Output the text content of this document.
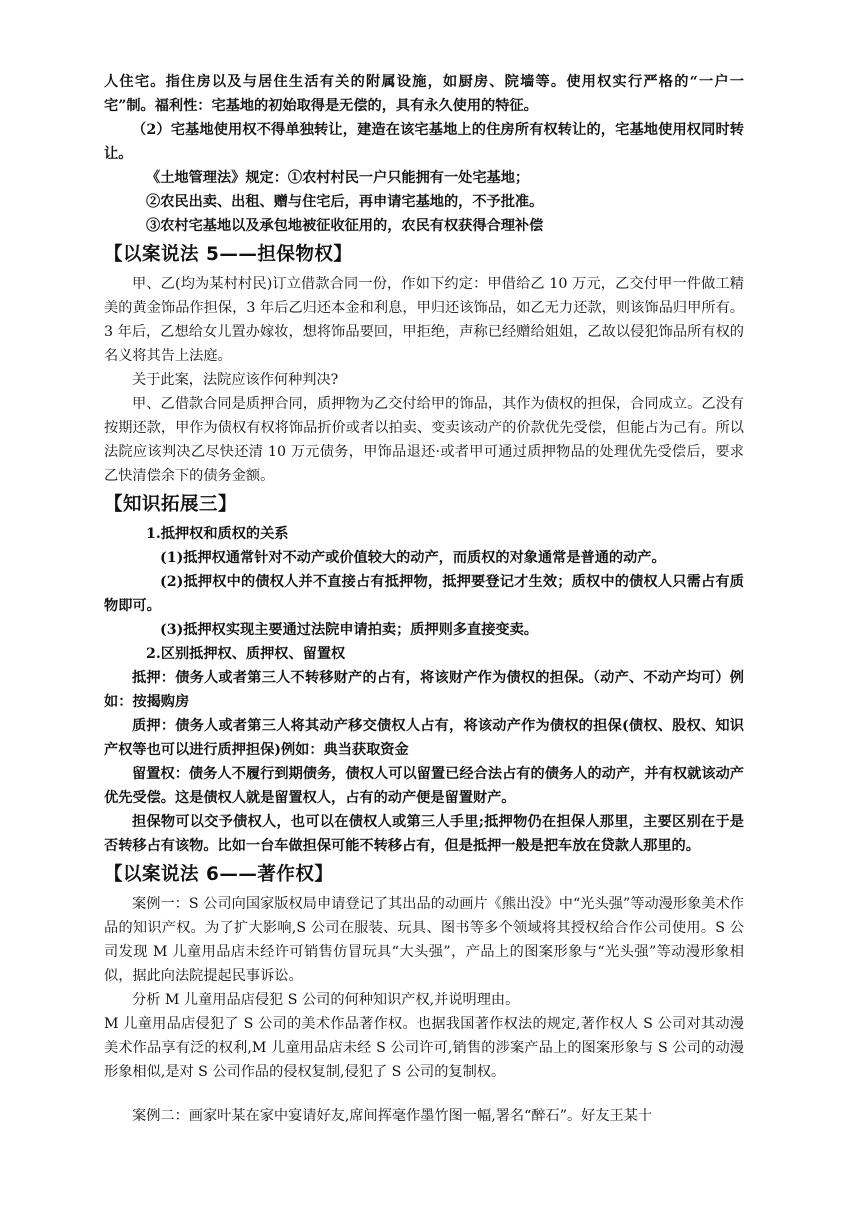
人住宅。指住房以及与居住生活有关的附属设施，如厨房、院墙等。使用权实行严格的“一户一宅”制。福利性：宅基地的初始取得是无偿的，具有永久使用的特征。

（2）宅基地使用权不得单独转让，建造在该宅基地上的住房所有权转让的，宅基地使用权同时转让。

《土地管理法》规定：①农村村民一户只能拥有一处宅基地；

②农民出卖、出租、赠与住宅后，再申请宅基地的，不予批准。

③农村宅基地以及承包地被征收征用的，农民有权获得合理补偿

【以案说法 5——担保物权】

甲、乙(均为某村村民)订立借款合同一份，作如下约定：甲借给乙 10 万元，乙交付甲一件做工精美的黄金饰品作担保，3 年后乙归还本金和利息，甲归还该饰品，如乙无力还款，则该饰品归甲所有。3 年后，乙想给女儿置办嫁妆，想将饰品要回，甲拒绝，声称已经赠给姐姐，乙故以侵犯饰品所有权的名义将其告上法庭。

关于此案，法院应该作何种判决?

甲、乙借款合同是质押合同，质押物为乙交付给甲的饰品，其作为债权的担保，合同成立。乙没有按期还款，甲作为债权有权将饰品折价或者以拍卖、变卖该动产的价款优先受偿，但能占为己有。所以法院应该判决乙尽快还清 10 万元债务，甲饰品退还·或者甲可通过质押物品的处理优先受偿后，要求乙快清偿余下的债务金额。

【知识拓展三】

1.抵押权和质权的关系

(1)抵押权通常针对不动产或价值较大的动产，而质权的对象通常是普通的动产。

(2)抵押权中的债权人并不直接占有抵押物，抵押要登记才生效；质权中的债权人只需占有质物即可。

(3)抵押权实现主要通过法院申请拍卖；质押则多直接变卖。

2.区别抵押权、质押权、留置权

抵押：债务人或者第三人不转移财产的占有，将该财产作为债权的担保。（动产、不动产均可）例如：按揭购房

质押：债务人或者第三人将其动产移交债权人占有，将该动产作为债权的担保(债权、股权、知识产权等也可以进行质押担保)例如：典当获取资金

留置权：债务人不履行到期债务，债权人可以留置已经合法占有的债务人的动产，并有权就该动产优先受偿。这是债权人就是留置权人，占有的动产便是留置财产。

担保物可以交予债权人，也可以在债权人或第三人手里;抵押物仍在担保人那里，主要区别在于是否转移占有该物。比如一台车做担保可能不转移占有，但是抵押一般是把车放在贷款人那里的。

【以案说法 6——著作权】

案例一：S 公司向国家版权局申请登记了其出品的动画片《熊出没》中“光头强”等动漫形象美术作品的知识产权。为了扩大影响,S 公司在服装、玩具、图书等多个领域将其授权给合作公司使用。S 公司发现 M 儿童用品店未经许可销售仿冒玩具“大头强”，产品上的图案形象与“光头强”等动漫形象相似，据此向法院提起民事诉讼。

分析 M 儿童用品店侵犯 S 公司的何种知识产权,并说明理由。

M 儿童用品店侵犯了 S 公司的美术作品著作权。也据我国著作权法的规定,著作权人 S 公司对其动漫美术作品享有泛的权利,M 儿童用品店未经 S 公司许可,销售的涉案产品上的图案形象与 S 公司的动漫形象相似,是对 S 公司作品的侵权复制,侵犯了 S 公司的复制权。

案例二：画家叶某在家中宴请好友,席间挥毫作墨竹图一幅,署名“醉石”。好友王某十
